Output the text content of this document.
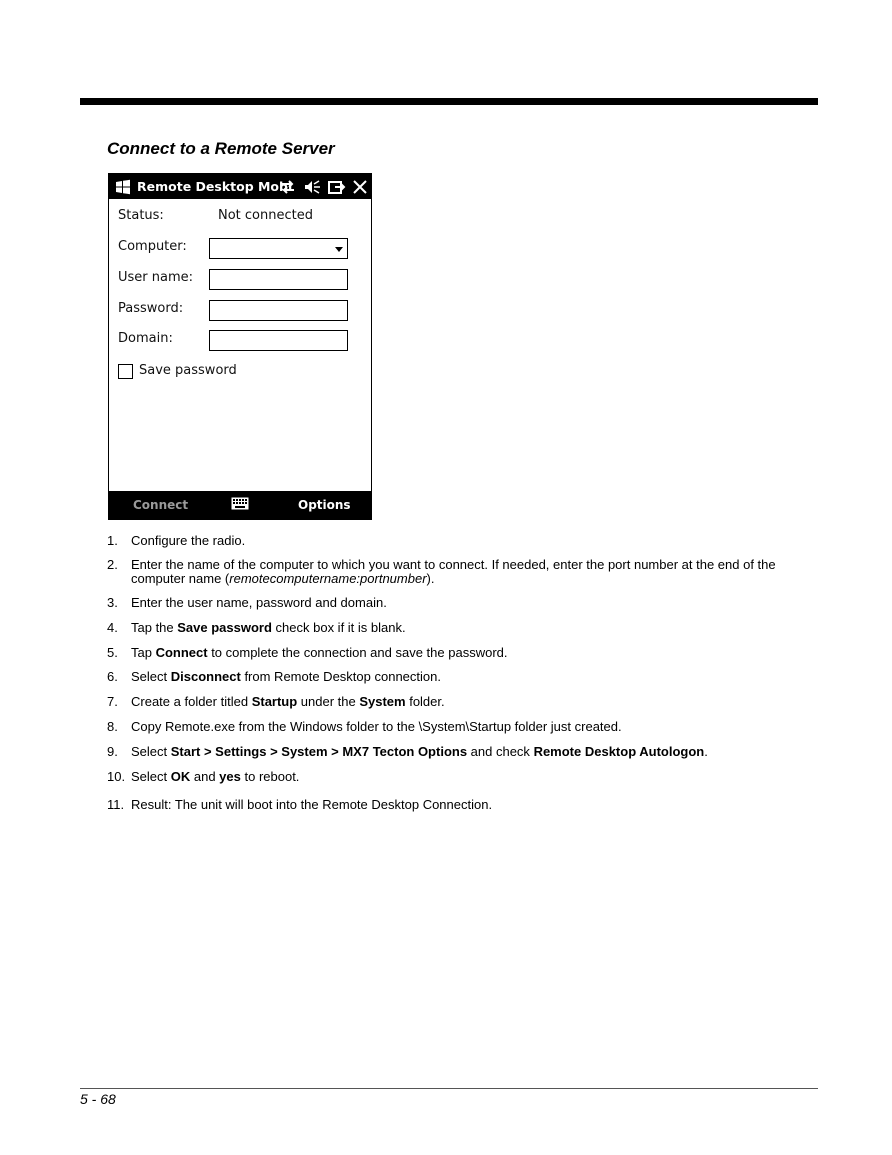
Connect to a Remote Server
Remote Desktop Mobi
Status:	Not connected
Computer:
User name:
Password:
Domain:
Save password
Connect	Options
1. Configure the radio.
2. Enter the name of the computer to which you want to connect. If needed, enter the port number at the end of the computer name (remotecomputername:portnumber).
3. Enter the user name, password and domain.
4. Tap the Save password check box if it is blank.
5. Tap Connect to complete the connection and save the password.
6. Select Disconnect from Remote Desktop connection.
7. Create a folder titled Startup under the System folder.
8. Copy Remote.exe from the Windows folder to the \System\Startup folder just created.
9. Select Start > Settings > System > MX7 Tecton Options and check Remote Desktop Autologon.
10. Select OK and yes to reboot.
11. Result: The unit will boot into the Remote Desktop Connection.
5 - 68
